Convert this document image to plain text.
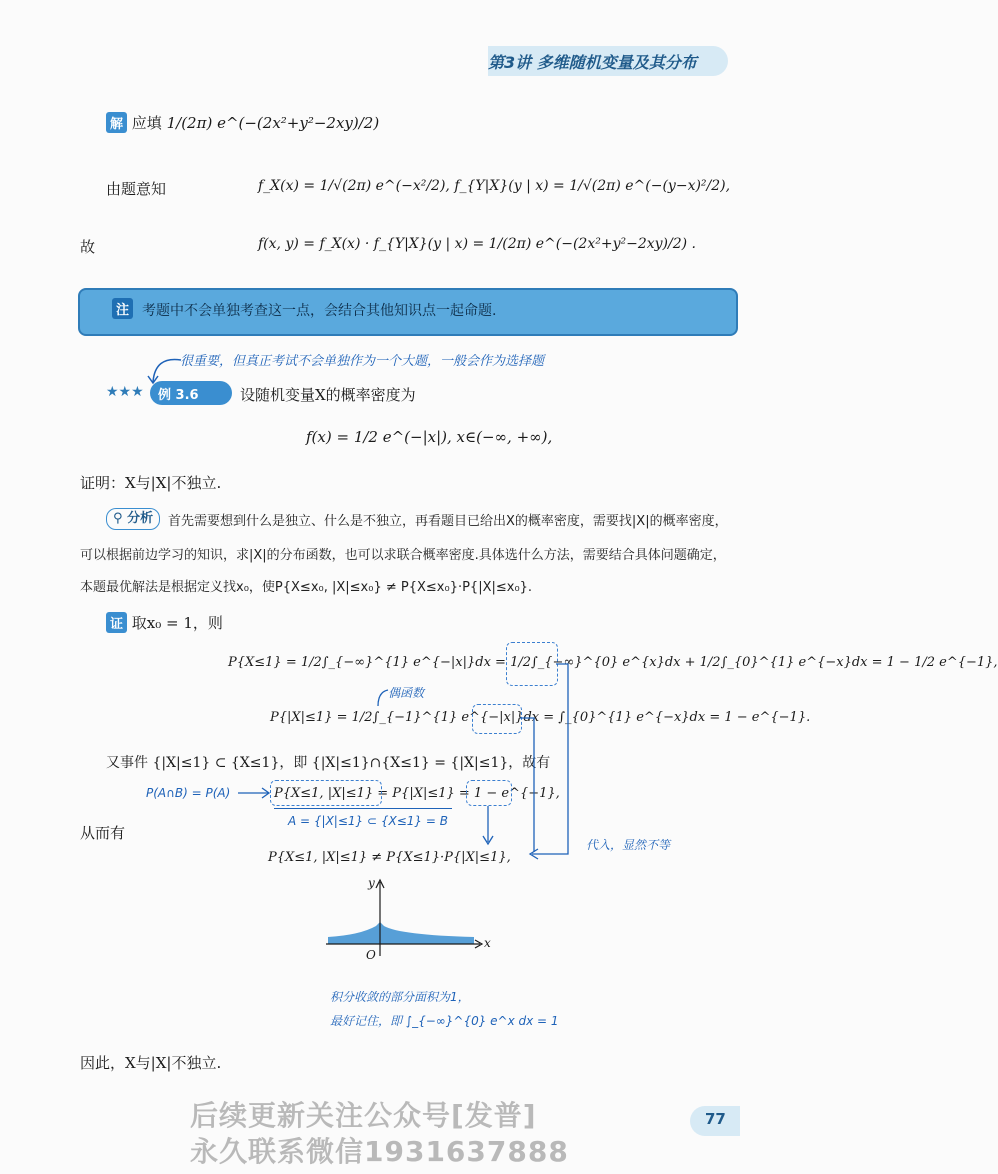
第3讲 多维随机变量及其分布
解 应填 1/(2π) e^(−(2x²+y²−2xy)/2)
由题意知	f_X(x) = 1/√(2π) e^(−x²/2), f_{Y|X}(y | x) = 1/√(2π) e^(−(y−x)²/2),
故	f(x, y) = f_X(x) · f_{Y|X}(y | x) = 1/(2π) e^(−(2x²+y²−2xy)/2) .
注 考题中不会单独考查这一点，会结合其他知识点一起命题.
很重要，但真正考试不会单独作为一个大题，一般会作为选择题
★★★ 例 3.6	设随机变量X的概率密度为
f(x) = 1/2 e^(−|x|), x∈(−∞, +∞),
证明：X与|X|不独立.
⚲ 分析	首先需要想到什么是独立、什么是不独立，再看题目已给出X的概率密度，需要找|X|的概率密度，
可以根据前边学习的知识，求|X|的分布函数，也可以求联合概率密度.具体选什么方法，需要结合具体问题确定，
本题最优解法是根据定义找x₀，使P{X≤x₀, |X|≤x₀} ≠ P{X≤x₀}·P{|X|≤x₀}.
证 取x₀ = 1，则
P{X≤1} = 1/2∫_{−∞}^{1} e^{−|x|}dx = 1/2∫_{−∞}^{0} e^{x}dx + 1/2∫_{0}^{1} e^{−x}dx = 1 − 1/2 e^{−1},
偶函数
P{|X|≤1} = 1/2∫_{−1}^{1} e^{−|x|}dx = ∫_{0}^{1} e^{−x}dx = 1 − e^{−1}.
又事件 {|X|≤1} ⊂ {X≤1}，即 {|X|≤1}∩{X≤1} = {|X|≤1}，故有
P(A∩B) = P(A)	P{X≤1, |X|≤1} = P{|X|≤1} = 1 − e^{−1},
A = {|X|≤1} ⊂ {X≤1} = B
从而有
P{X≤1, |X|≤1} ≠ P{X≤1}·P{|X|≤1},
代入，显然不等
x
y
O
积分收敛的部分面积为1，
最好记住，即 ∫_{−∞}^{0} e^x dx = 1
因此，X与|X|不独立.
77
后续更新关注公众号[发普]
永久联系微信1931637888
